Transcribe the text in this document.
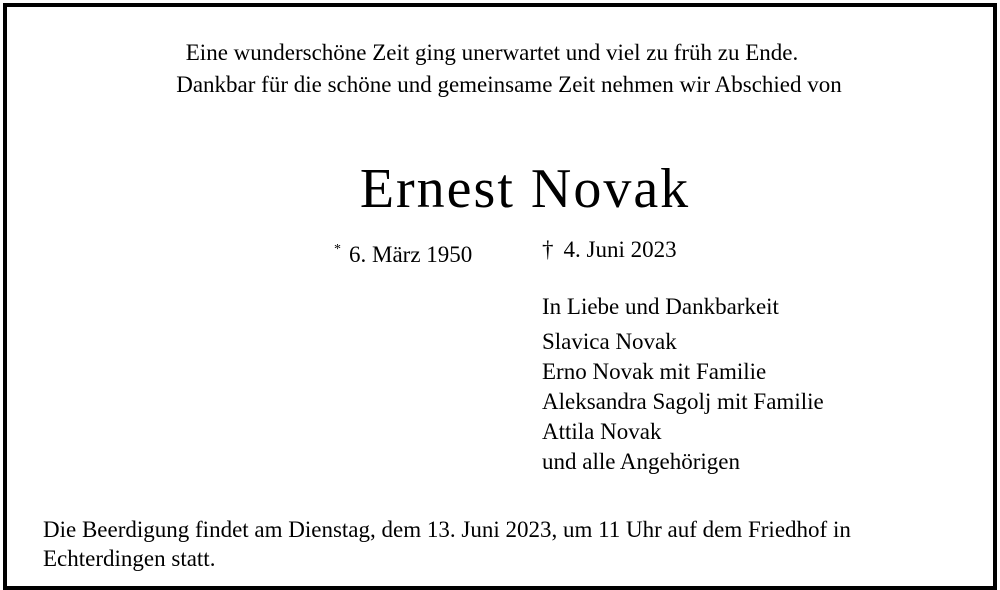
Eine wunderschöne Zeit ging unerwartet und viel zu früh zu Ende.
Dankbar für die schöne und gemeinsame Zeit nehmen wir Abschied von
Ernest Novak
* 6. März 1950	† 4. Juni 2023
In Liebe und Dankbarkeit
Slavica Novak
Erno Novak mit Familie
Aleksandra Sagolj mit Familie
Attila Novak
und alle Angehörigen
Die Beerdigung findet am Dienstag, dem 13. Juni 2023, um 11 Uhr auf dem Friedhof in
Echterdingen statt.
